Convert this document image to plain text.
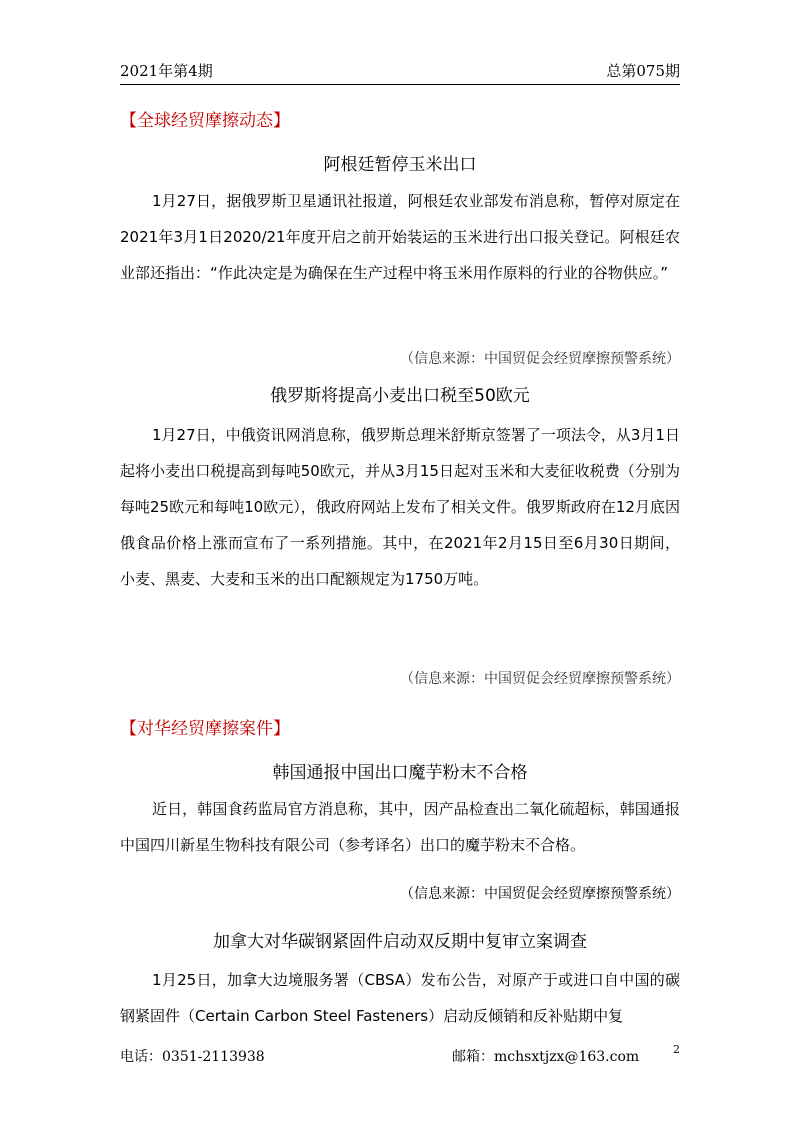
2021年第4期	总第075期
【全球经贸摩擦动态】
阿根廷暂停玉米出口

1月27日，据俄罗斯卫星通讯社报道，阿根廷农业部发布消息称，暂停对原定在2021年3月1日2020/21年度开启之前开始装运的玉米进行出口报关登记。阿根廷农业部还指出：“作此决定是为确保在生产过程中将玉米用作原料的行业的谷物供应。”

（信息来源：中国贸促会经贸摩擦预警系统）
俄罗斯将提高小麦出口税至50欧元

1月27日，中俄资讯网消息称，俄罗斯总理米舒斯京签署了一项法令，从3月1日起将小麦出口税提高到每吨50欧元，并从3月15日起对玉米和大麦征收税费（分别为每吨25欧元和每吨10欧元），俄政府网站上发布了相关文件。俄罗斯政府在12月底因俄食品价格上涨而宣布了一系列措施。其中，在2021年2月15日至6月30日期间，小麦、黑麦、大麦和玉米的出口配额规定为1750万吨。

（信息来源：中国贸促会经贸摩擦预警系统）
【对华经贸摩擦案件】
韩国通报中国出口魔芋粉末不合格

近日，韩国食药监局官方消息称，其中，因产品检查出二氧化硫超标，韩国通报中国四川新星生物科技有限公司（参考译名）出口的魔芋粉末不合格。

（信息来源：中国贸促会经贸摩擦预警系统）
加拿大对华碳钢紧固件启动双反期中复审立案调查

1月25日，加拿大边境服务署（CBSA）发布公告，对原产于或进口自中国的碳钢紧固件（Certain Carbon Steel Fasteners）启动反倾销和反补贴期中复

电话：0351-2113938	邮箱：mchsxtjzx@163.com	2
